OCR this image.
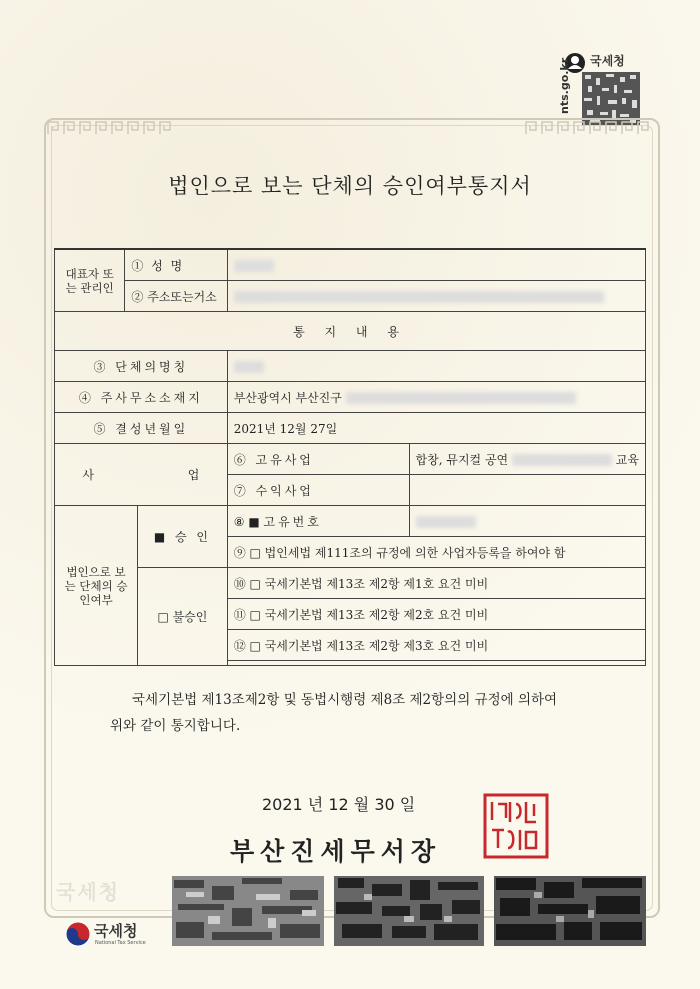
국세청
nts.go.kr
법인으로 보는 단체의 승인여부통지서
대표자 또는 관리인	① 성 명			
	② 주소또는거소			
통 지 내 용				
③ 단체의명칭				
④ 주사무소소재지			부산광역시 부산진구	
⑤ 결성년월일			2021년 12월 27일	
사 업			⑥ 고유사업	합창, 뮤지컬 공연 교육
			⑦ 수익사업	
법인으로 보는 단체의 승인여부		■ 승 인	⑧ ■ 고유번호	
			⑨ □ 법인세법 제111조의 규정에 의한 사업자등록을 하여야 함	
		□ 불승인	⑩ □ 국세기본법 제13조 제2항 제1호 요건 미비	
			⑪ □ 국세기본법 제13조 제2항 제2호 요건 미비	
			⑫ □ 국세기본법 제13조 제2항 제3호 요건 미비	

국세기본법 제13조제2항 및 동법시행령 제8조 제2항의의 규정에 의하여
위와 같이 통지합니다.
2021 년 12 월 30 일
부산진세무서장
국세청
국세청
National Tax Service
